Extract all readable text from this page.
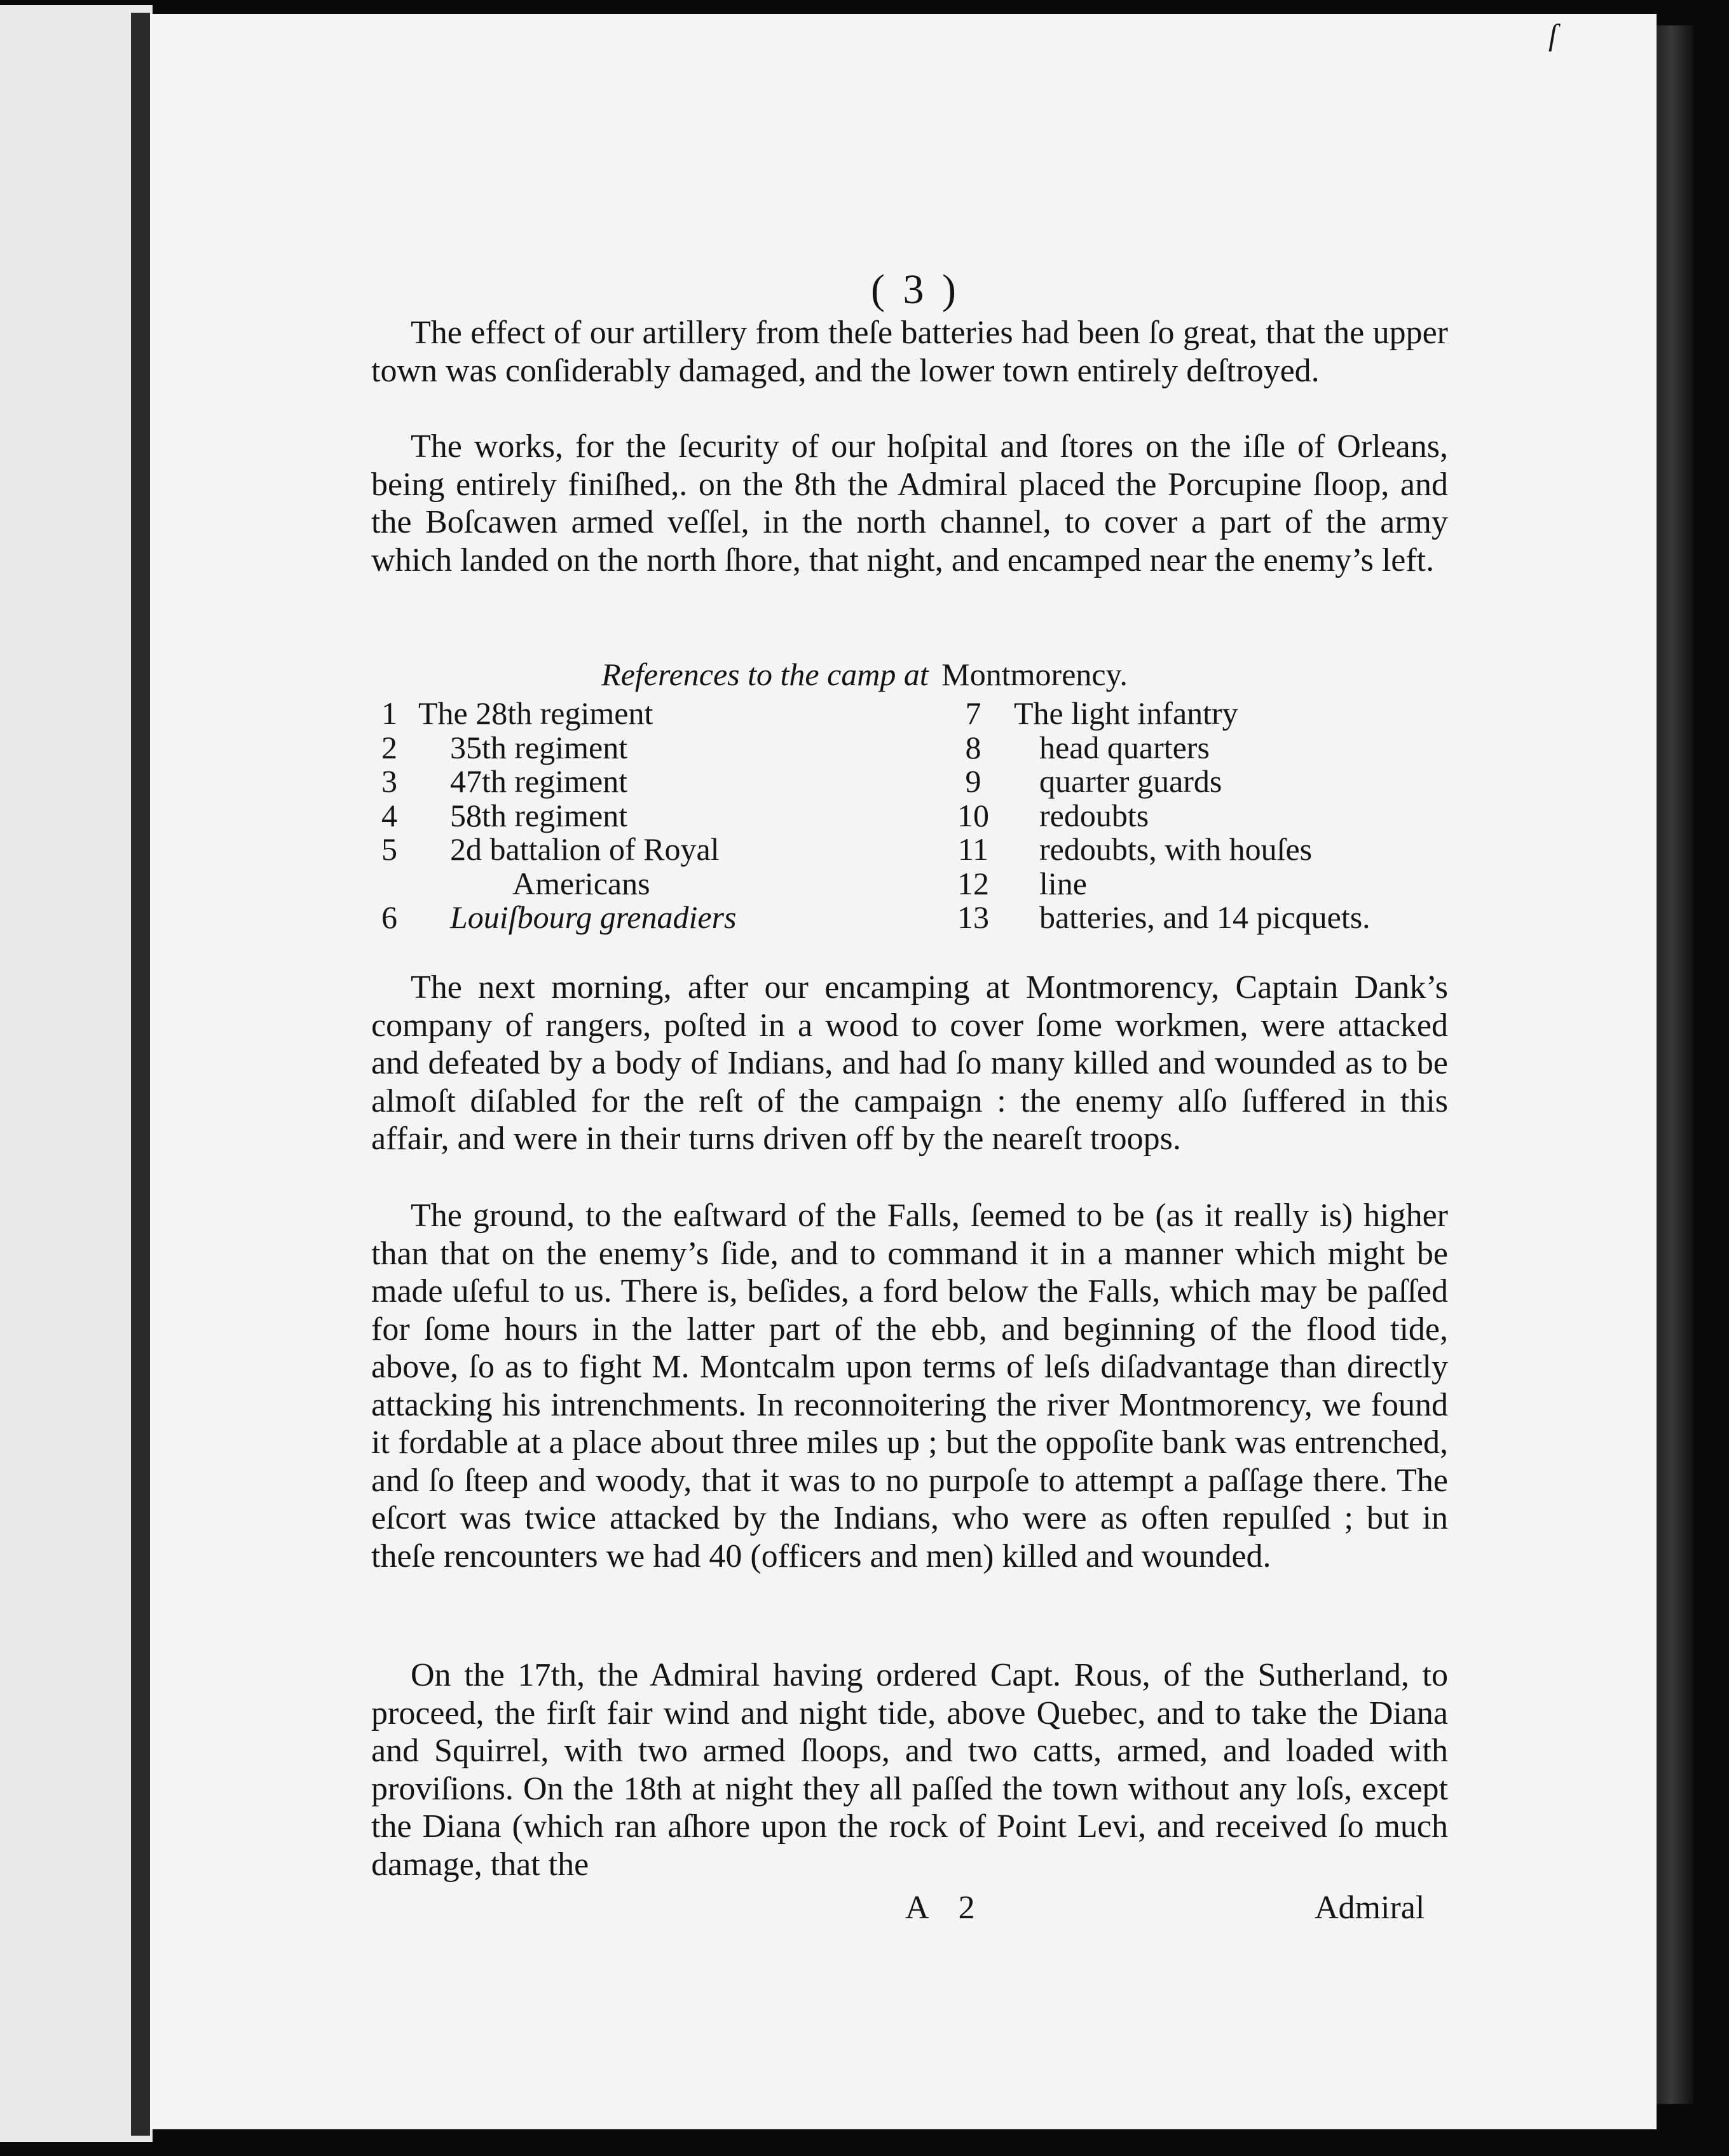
ſ
( 3 )

The effect of our artillery from theſe batteries had been ſo great, that the upper town was conſiderably damaged, and the lower town entirely deſtroyed.

The works, for the ſecurity of our hoſpital and ſtores on the iſle of Orleans, being entirely finiſhed,. on the 8th the Admiral placed the Porcupine ſloop, and the Boſcawen armed veſſel, in the north channel, to cover a part of the army which landed on the north ſhore, that night, and encamped near the enemy’s left.

References to the camp at Montmorency.
1 The 28th regiment	7	The light infantry
2	35th regiment	8	head quarters
3	47th regiment	9	quarter guards
4	58th regiment	10	redoubts
5	2d battalion of Royal	11	redoubts, with houſes
Americans	12	line
6	Louiſbourg grenadiers	13	batteries, and 14 picquets.

The next morning, after our encamping at Montmorency, Captain Dank’s company of rangers, poſted in a wood to cover ſome workmen, were attacked and defeated by a body of Indians, and had ſo many killed and wounded as to be almoſt diſabled for the reſt of the campaign : the enemy alſo ſuffered in this affair, and were in their turns driven off by the neareſt troops.

The ground, to the eaſtward of the Falls, ſeemed to be (as it really is) higher than that on the enemy’s ſide, and to command it in a manner which might be made uſeful to us. There is, beſides, a ford below the Falls, which may be paſſed for ſome hours in the latter part of the ebb, and beginning of the flood tide, above, ſo as to fight M. Montcalm upon terms of leſs diſadvantage than directly attacking his intrenchments. In reconnoitering the river Montmorency, we found it fordable at a place about three miles up ; but the oppoſite bank was entrenched, and ſo ſteep and woody, that it was to no purpoſe to attempt a paſſage there. The eſcort was twice attacked by the Indians, who were as often repulſed ; but in theſe rencounters we had 40 (officers and men) killed and wounded.

On the 17th, the Admiral having ordered Capt. Rous, of the Sutherland, to proceed, the firſt fair wind and night tide, above Quebec, and to take the Diana and Squirrel, with two armed ſloops, and two catts, armed, and loaded with proviſions. On the 18th at night they all paſſed the town without any loſs, except the Diana (which ran aſhore upon the rock of Point Levi, and received ſo much damage, that the

A 2	Admiral
